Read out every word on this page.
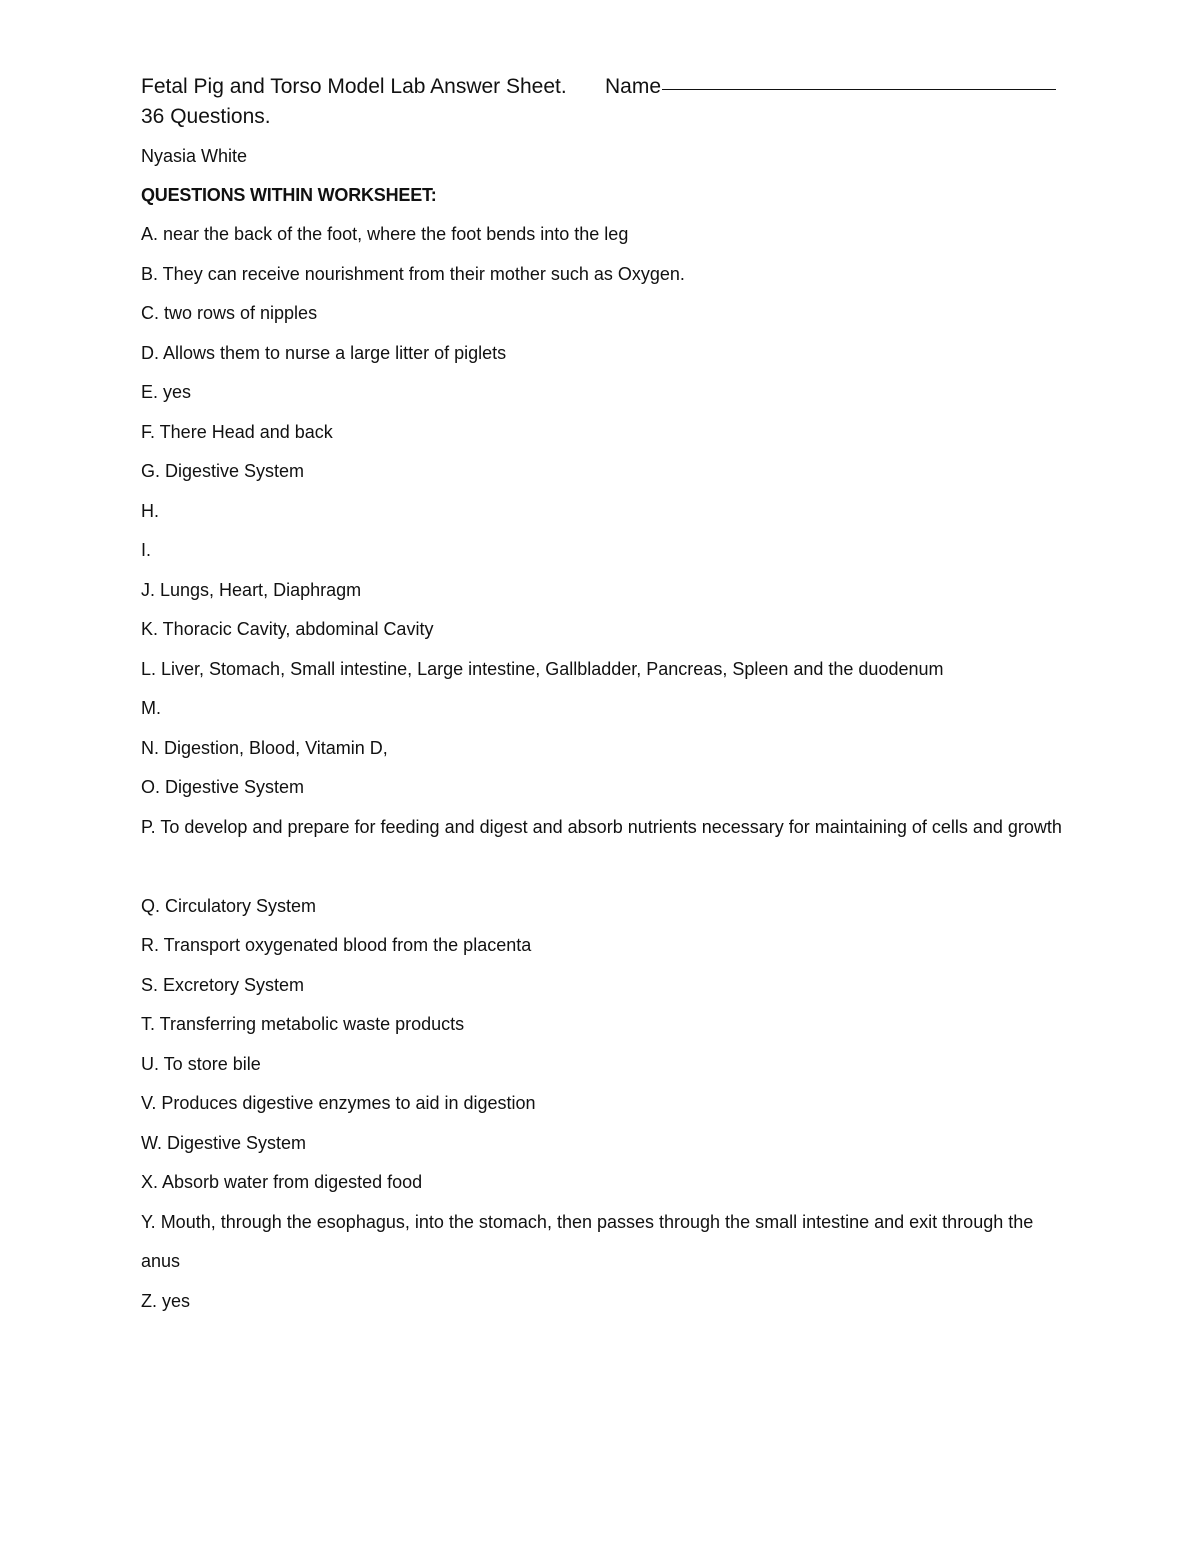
Fetal Pig and Torso Model Lab Answer Sheet.	Name
36 Questions.
Nyasia White
QUESTIONS WITHIN WORKSHEET:
A. near the back of the foot, where the foot bends into the leg
B. They can receive nourishment from their mother such as Oxygen.
C. two rows of nipples
D. Allows them to nurse a large litter of piglets
E. yes
F. There Head and back
G. Digestive System
H.
I.
J. Lungs, Heart, Diaphragm
K. Thoracic Cavity, abdominal Cavity
L. Liver, Stomach, Small intestine, Large intestine, Gallbladder, Pancreas, Spleen and the duodenum
M.
N. Digestion, Blood, Vitamin D,
O. Digestive System
P. To develop and prepare for feeding and digest and absorb nutrients necessary for maintaining of cells and growth
Q. Circulatory System
R. Transport oxygenated blood from the placenta
S. Excretory System
T. Transferring metabolic waste products
U. To store bile
V. Produces digestive enzymes to aid in digestion
W. Digestive System
X. Absorb water from digested food
Y. Mouth, through the esophagus, into the stomach, then passes through the small intestine and exit through the anus
Z. yes
